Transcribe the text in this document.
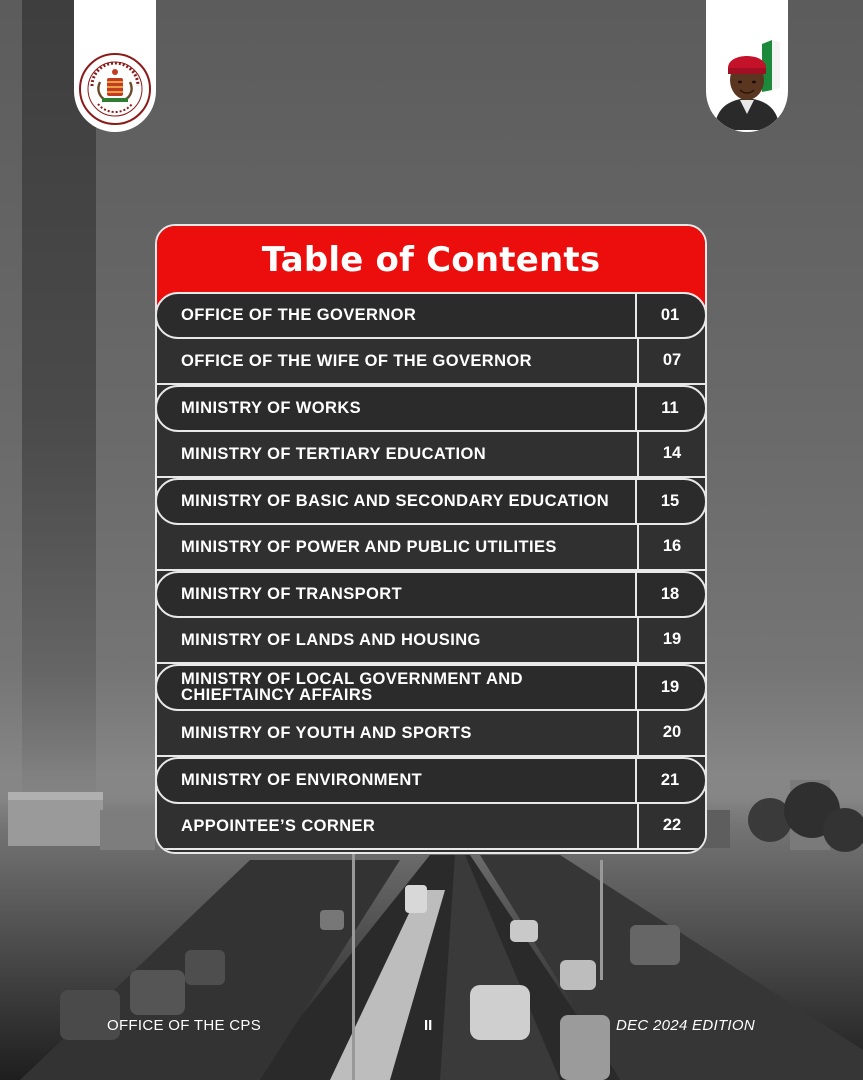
Table of Contents
OFFICE OF THE GOVERNOR	01
OFFICE OF THE WIFE OF THE GOVERNOR	07
MINISTRY OF WORKS	11
MINISTRY OF TERTIARY EDUCATION	14
MINISTRY OF BASIC AND SECONDARY EDUCATION	15
MINISTRY OF POWER AND PUBLIC UTILITIES	16
MINISTRY OF TRANSPORT	18
MINISTRY OF LANDS AND HOUSING	19
MINISTRY OF LOCAL GOVERNMENT AND CHIEFTAINCY AFFAIRS	19
MINISTRY OF YOUTH AND SPORTS	20
MINISTRY OF ENVIRONMENT	21
APPOINTEE’S CORNER	22
OFFICE OF THE CPS	II	DEC 2024 EDITION
